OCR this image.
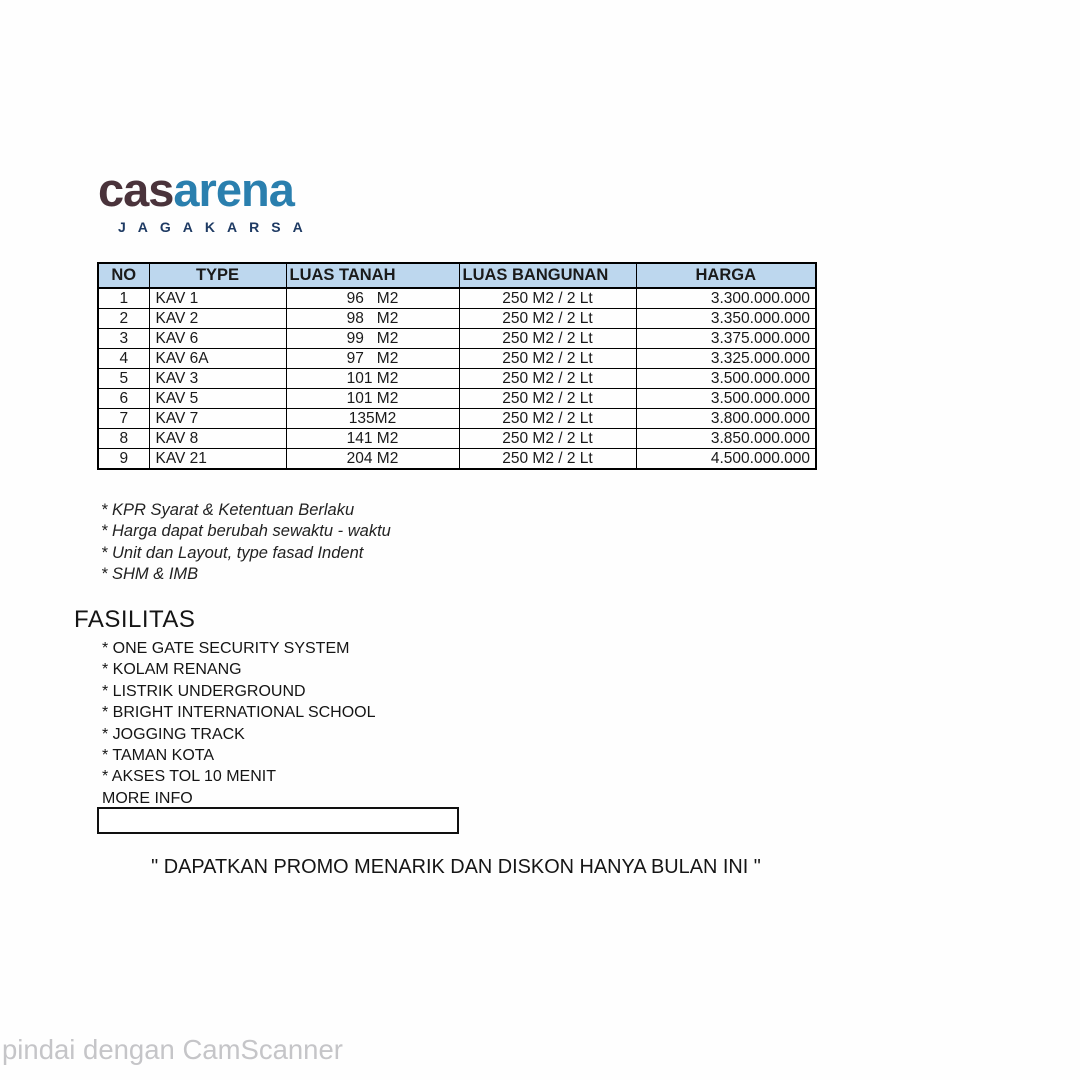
casarena
JAGAKARSA
NO	TYPE	LUAS TANAH	LUAS BANGUNAN	HARGA
1	KAV 1	96   M2	250 M2 / 2 Lt	3.300.000.000
2	KAV 2	98   M2	250 M2 / 2 Lt	3.350.000.000
3	KAV 6	99   M2	250 M2 / 2 Lt	3.375.000.000
4	KAV 6A	97   M2	250 M2 / 2 Lt	3.325.000.000
5	KAV 3	101 M2	250 M2 / 2 Lt	3.500.000.000
6	KAV 5	101 M2	250 M2 / 2 Lt	3.500.000.000
7	KAV 7	135M2	250 M2 / 2 Lt	3.800.000.000
8	KAV 8	141 M2	250 M2 / 2 Lt	3.850.000.000
9	KAV 21	204 M2	250 M2 / 2 Lt	4.500.000.000
* KPR Syarat & Ketentuan Berlaku
* Harga dapat berubah sewaktu - waktu
* Unit dan Layout, type fasad Indent
* SHM & IMB
FASILITAS
* ONE GATE SECURITY SYSTEM
* KOLAM RENANG
* LISTRIK UNDERGROUND
* BRIGHT INTERNATIONAL SCHOOL
* JOGGING TRACK
* TAMAN KOTA
* AKSES TOL 10 MENIT
MORE INFO
" DAPATKAN PROMO MENARIK DAN DISKON HANYA BULAN INI "
pindai dengan CamScanner
